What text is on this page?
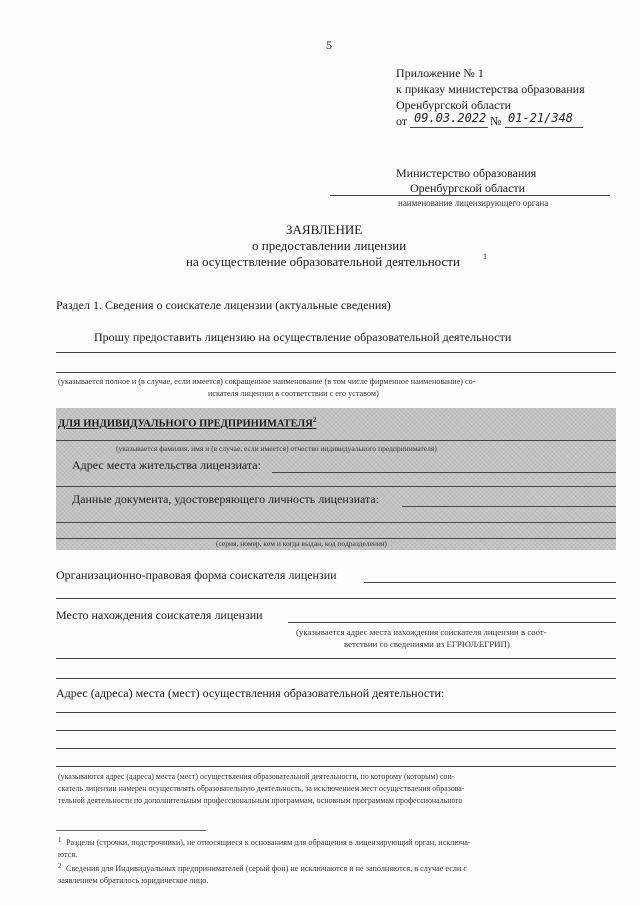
5
Приложение № 1
к приказу министерства образования
Оренбургской области
от 09.03.2022 № 01-21/348
Министерство образования
Оренбургской области
наименование лицензирующего органа
ЗАЯВЛЕНИЕ
о предоставлении лицензии
на осуществление образовательной деятельности	1
Раздел 1. Сведения о соискателе лицензии (актуальные сведения)
Прошу предоставить лицензию на осуществление образовательной деятельности
(указывается полное и (в случае, если имеется) сокращенное наименование (в том числе фирменное наименование) со-
искателя лицензии в соответствии с его уставом)
ДЛЯ ИНДИВИДУАЛЬНОГО ПРЕДПРИНИМАТЕЛЯ$^2$
(указывается фамилия, имя и (в случае, если имеется) отчество индивидуального предпринимателя)
Адрес места жительства лицензиата:
Данные документа, удостоверяющего личность лицензиата:
(серия, номер, кем и когда выдан, код подразделения)
Организационно-правовая форма соискателя лицензии
Место нахождения соискателя лицензии
(указывается адрес места нахождения соискателя лицензии в соот-
ветствии со сведениями из ЕГРЮЛ/ЕГРИП)
Адрес (адреса) места (мест) осуществления образовательной деятельности:
(указываются адрес (адреса) места (мест) осуществления образовательной деятельности, по которому (которым) сои-
скатель лицензии намерен осуществлять образовательную деятельность, за исключением мест осуществления образова-
тельной деятельности по дополнительным профессиональным программам, основным программам профессионального
1 Разделы (строчки, подстрочники), не относящиеся к основаниям для обращения в лицензирующий орган, исключа-
ются.
2 Сведения для Индивидуальных предпринимателей (серый фон) не исключаются и не заполняются, в случае если с
заявлением обратилось юридическое лицо.
